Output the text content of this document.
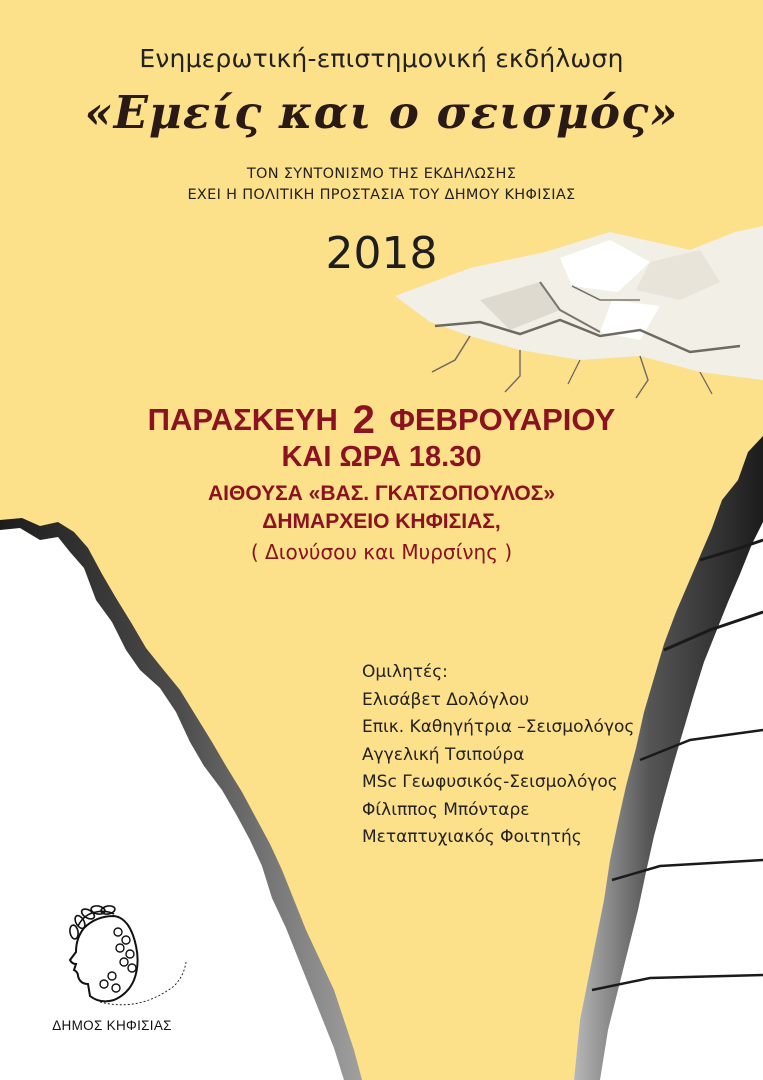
Ενημερωτική-επιστημονική εκδήλωση
«Εμείς και ο σεισμός»
ΤΟΝ ΣΥΝΤΟΝΙΣΜΟ ΤΗΣ ΕΚΔΗΛΩΣΗΣ
ΕΧΕΙ Η ΠΟΛΙΤΙΚΗ ΠΡΟΣΤΑΣΙΑ ΤΟΥ ΔΗΜΟΥ ΚΗΦΙΣΙΑΣ
2018
ΠΑΡΑΣΚΕΥΗ 2 ΦΕΒΡΟΥΑΡΙΟΥ
ΚΑΙ ΩΡΑ 18.30
ΑΙΘΟΥΣΑ «ΒΑΣ. ΓΚΑΤΣΟΠΟΥΛΟΣ»
ΔΗΜΑΡΧΕΙΟ ΚΗΦΙΣΙΑΣ,
( Διονύσου και Μυρσίνης )
Ομιλητές:
Ελισάβετ Δολόγλου
Επικ. Καθηγήτρια –Σεισμολόγος
Αγγελική Τσιπούρα
MSc Γεωφυσικός-Σεισμολόγος
Φίλιππος Μπόνταρε
Μεταπτυχιακός Φοιτητής
ΔΗΜΟΣ ΚΗΦΙΣΙΑΣ
